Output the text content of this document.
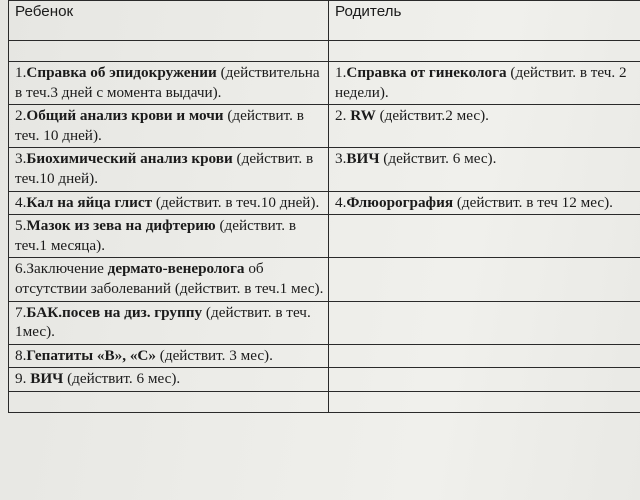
Ребенок	Родитель

1.Справка об эпидокружении (действительна в теч.3 дней с момента выдачи).	1.Справка от гинеколога (действит. в теч. 2 недели).
2.Общий анализ крови и мочи (действит. в теч. 10 дней).	2. RW (действит.2 мес).
3.Биохимический анализ крови (действит. в теч.10 дней).	3.ВИЧ (действит. 6 мес).
4.Кал на яйца глист (действит. в теч.10 дней).	4.Флюорография (действит. в теч 12 мес).
5.Мазок из зева на дифтерию (действит. в теч.1 месяца).	
6.Заключение дермато-венеролога об отсутствии заболеваний (действит. в теч.1 мес).	
7.БАК.посев на диз. группу (действит. в теч. 1мес).	
8.Гепатиты «В», «С» (действит. 3 мес).	
9. ВИЧ (действит. 6 мес).	
